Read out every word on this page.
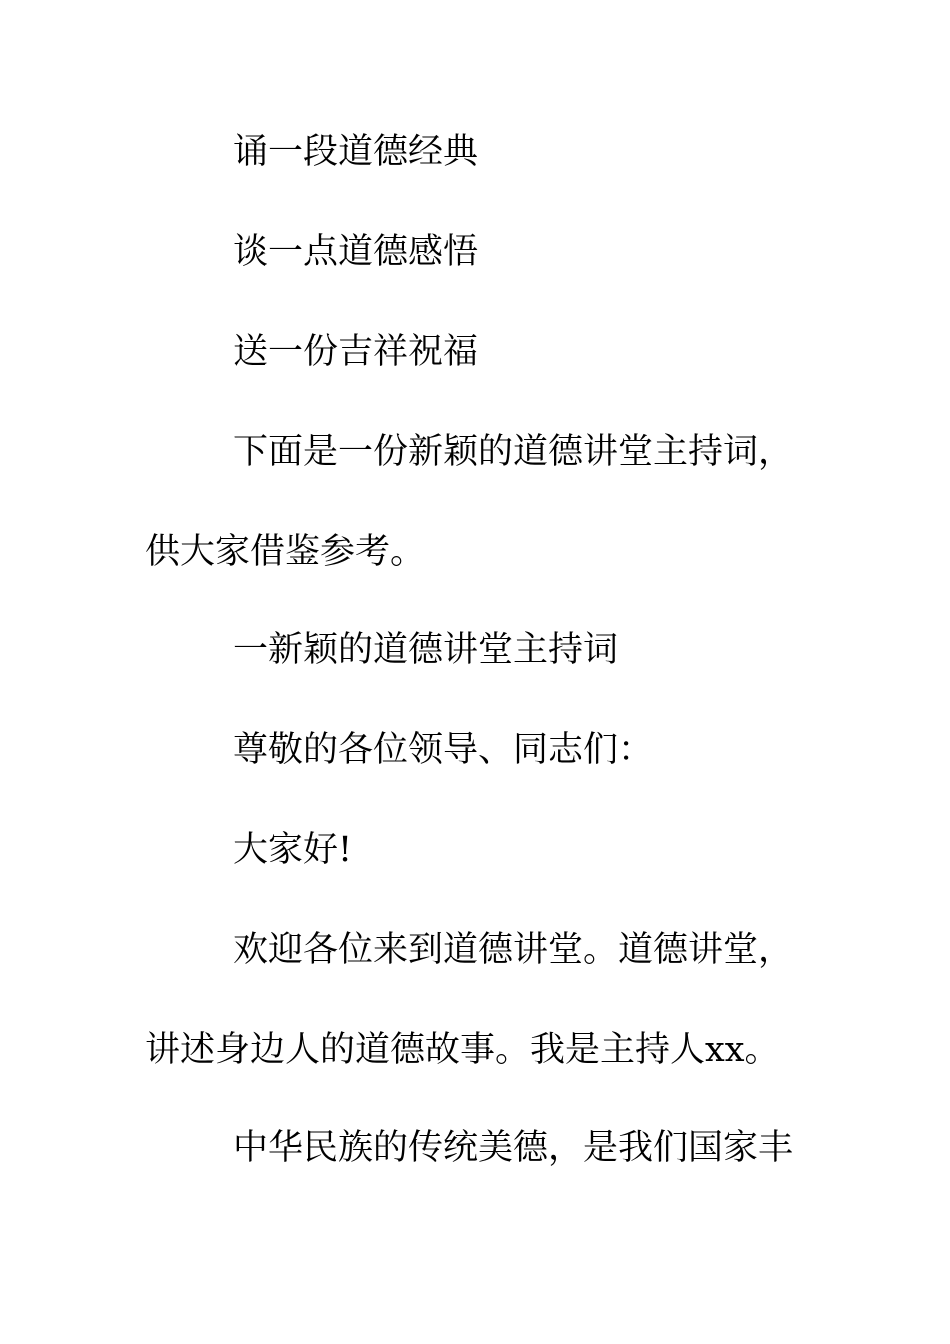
诵一段道德经典
谈一点道德感悟
送一份吉祥祝福
下面是一份新颖的道德讲堂主持词，
供大家借鉴参考。
一新颖的道德讲堂主持词
尊敬的各位领导、同志们：
大家好!
欢迎各位来到道德讲堂。道德讲堂，
讲述身边人的道德故事。我是主持人xx。
中华民族的传统美德，是我们国家丰
